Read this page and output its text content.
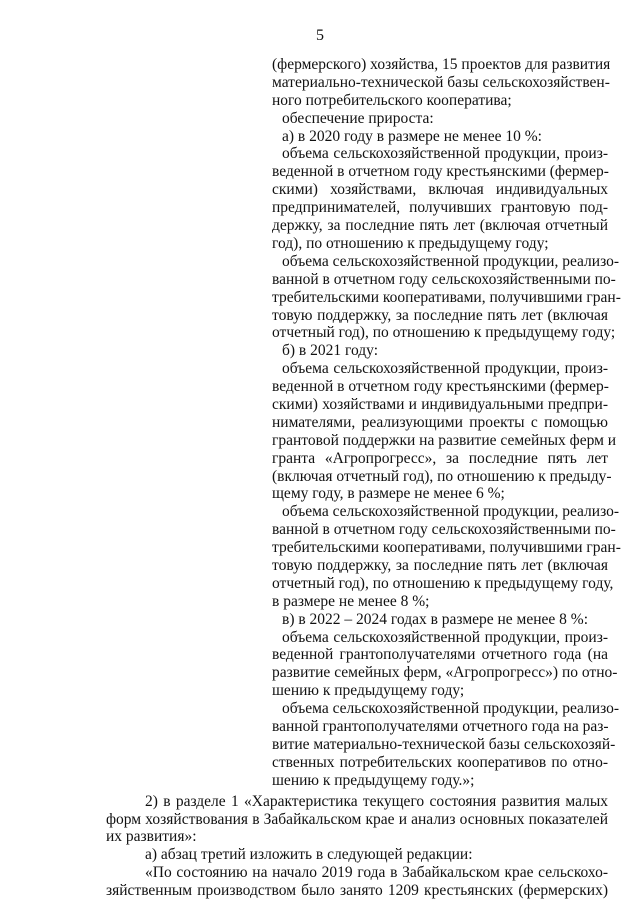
5
(фермерского) хозяйства, 15 проектов для развития
материально-технической базы сельскохозяйствен-
ного потребительского кооператива;
обеспечение прироста:
а) в 2020 году в размере не менее 10 %:
объема сельскохозяйственной продукции, произ-
веденной в отчетном году крестьянскими (фермер-
скими) хозяйствами, включая индивидуальных
предпринимателей, получивших грантовую под-
держку, за последние пять лет (включая отчетный
год), по отношению к предыдущему году;
объема сельскохозяйственной продукции, реализо-
ванной в отчетном году сельскохозяйственными по-
требительскими кооперативами, получившими гран-
товую поддержку, за последние пять лет (включая
отчетный год), по отношению к предыдущему году;
б) в 2021 году:
объема сельскохозяйственной продукции, произ-
веденной в отчетном году крестьянскими (фермер-
скими) хозяйствами и индивидуальными предпри-
нимателями, реализующими проекты с помощью
грантовой поддержки на развитие семейных ферм и
гранта «Агропрогресс», за последние пять лет
(включая отчетный год), по отношению к предыду-
щему году, в размере не менее 6 %;
объема сельскохозяйственной продукции, реализо-
ванной в отчетном году сельскохозяйственными по-
требительскими кооперативами, получившими гран-
товую поддержку, за последние пять лет (включая
отчетный год), по отношению к предыдущему году,
в размере не менее 8 %;
в) в 2022 – 2024 годах в размере не менее 8 %:
объема сельскохозяйственной продукции, произ-
веденной грантополучателями отчетного года (на
развитие семейных ферм, «Агропрогресс») по отно-
шению к предыдущему году;
объема сельскохозяйственной продукции, реализо-
ванной грантополучателями отчетного года на раз-
витие материально-технической базы сельскохозяй-
ственных потребительских кооперативов по отно-
шению к предыдущему году.»;
2) в разделе 1 «Характеристика текущего состояния развития малых
форм хозяйствования в Забайкальском крае и анализ основных показателей
их развития»:
а) абзац третий изложить в следующей редакции:
«По состоянию на начало 2019 года в Забайкальском крае сельскохо-
зяйственным производством было занято 1209 крестьянских (фермерских)
